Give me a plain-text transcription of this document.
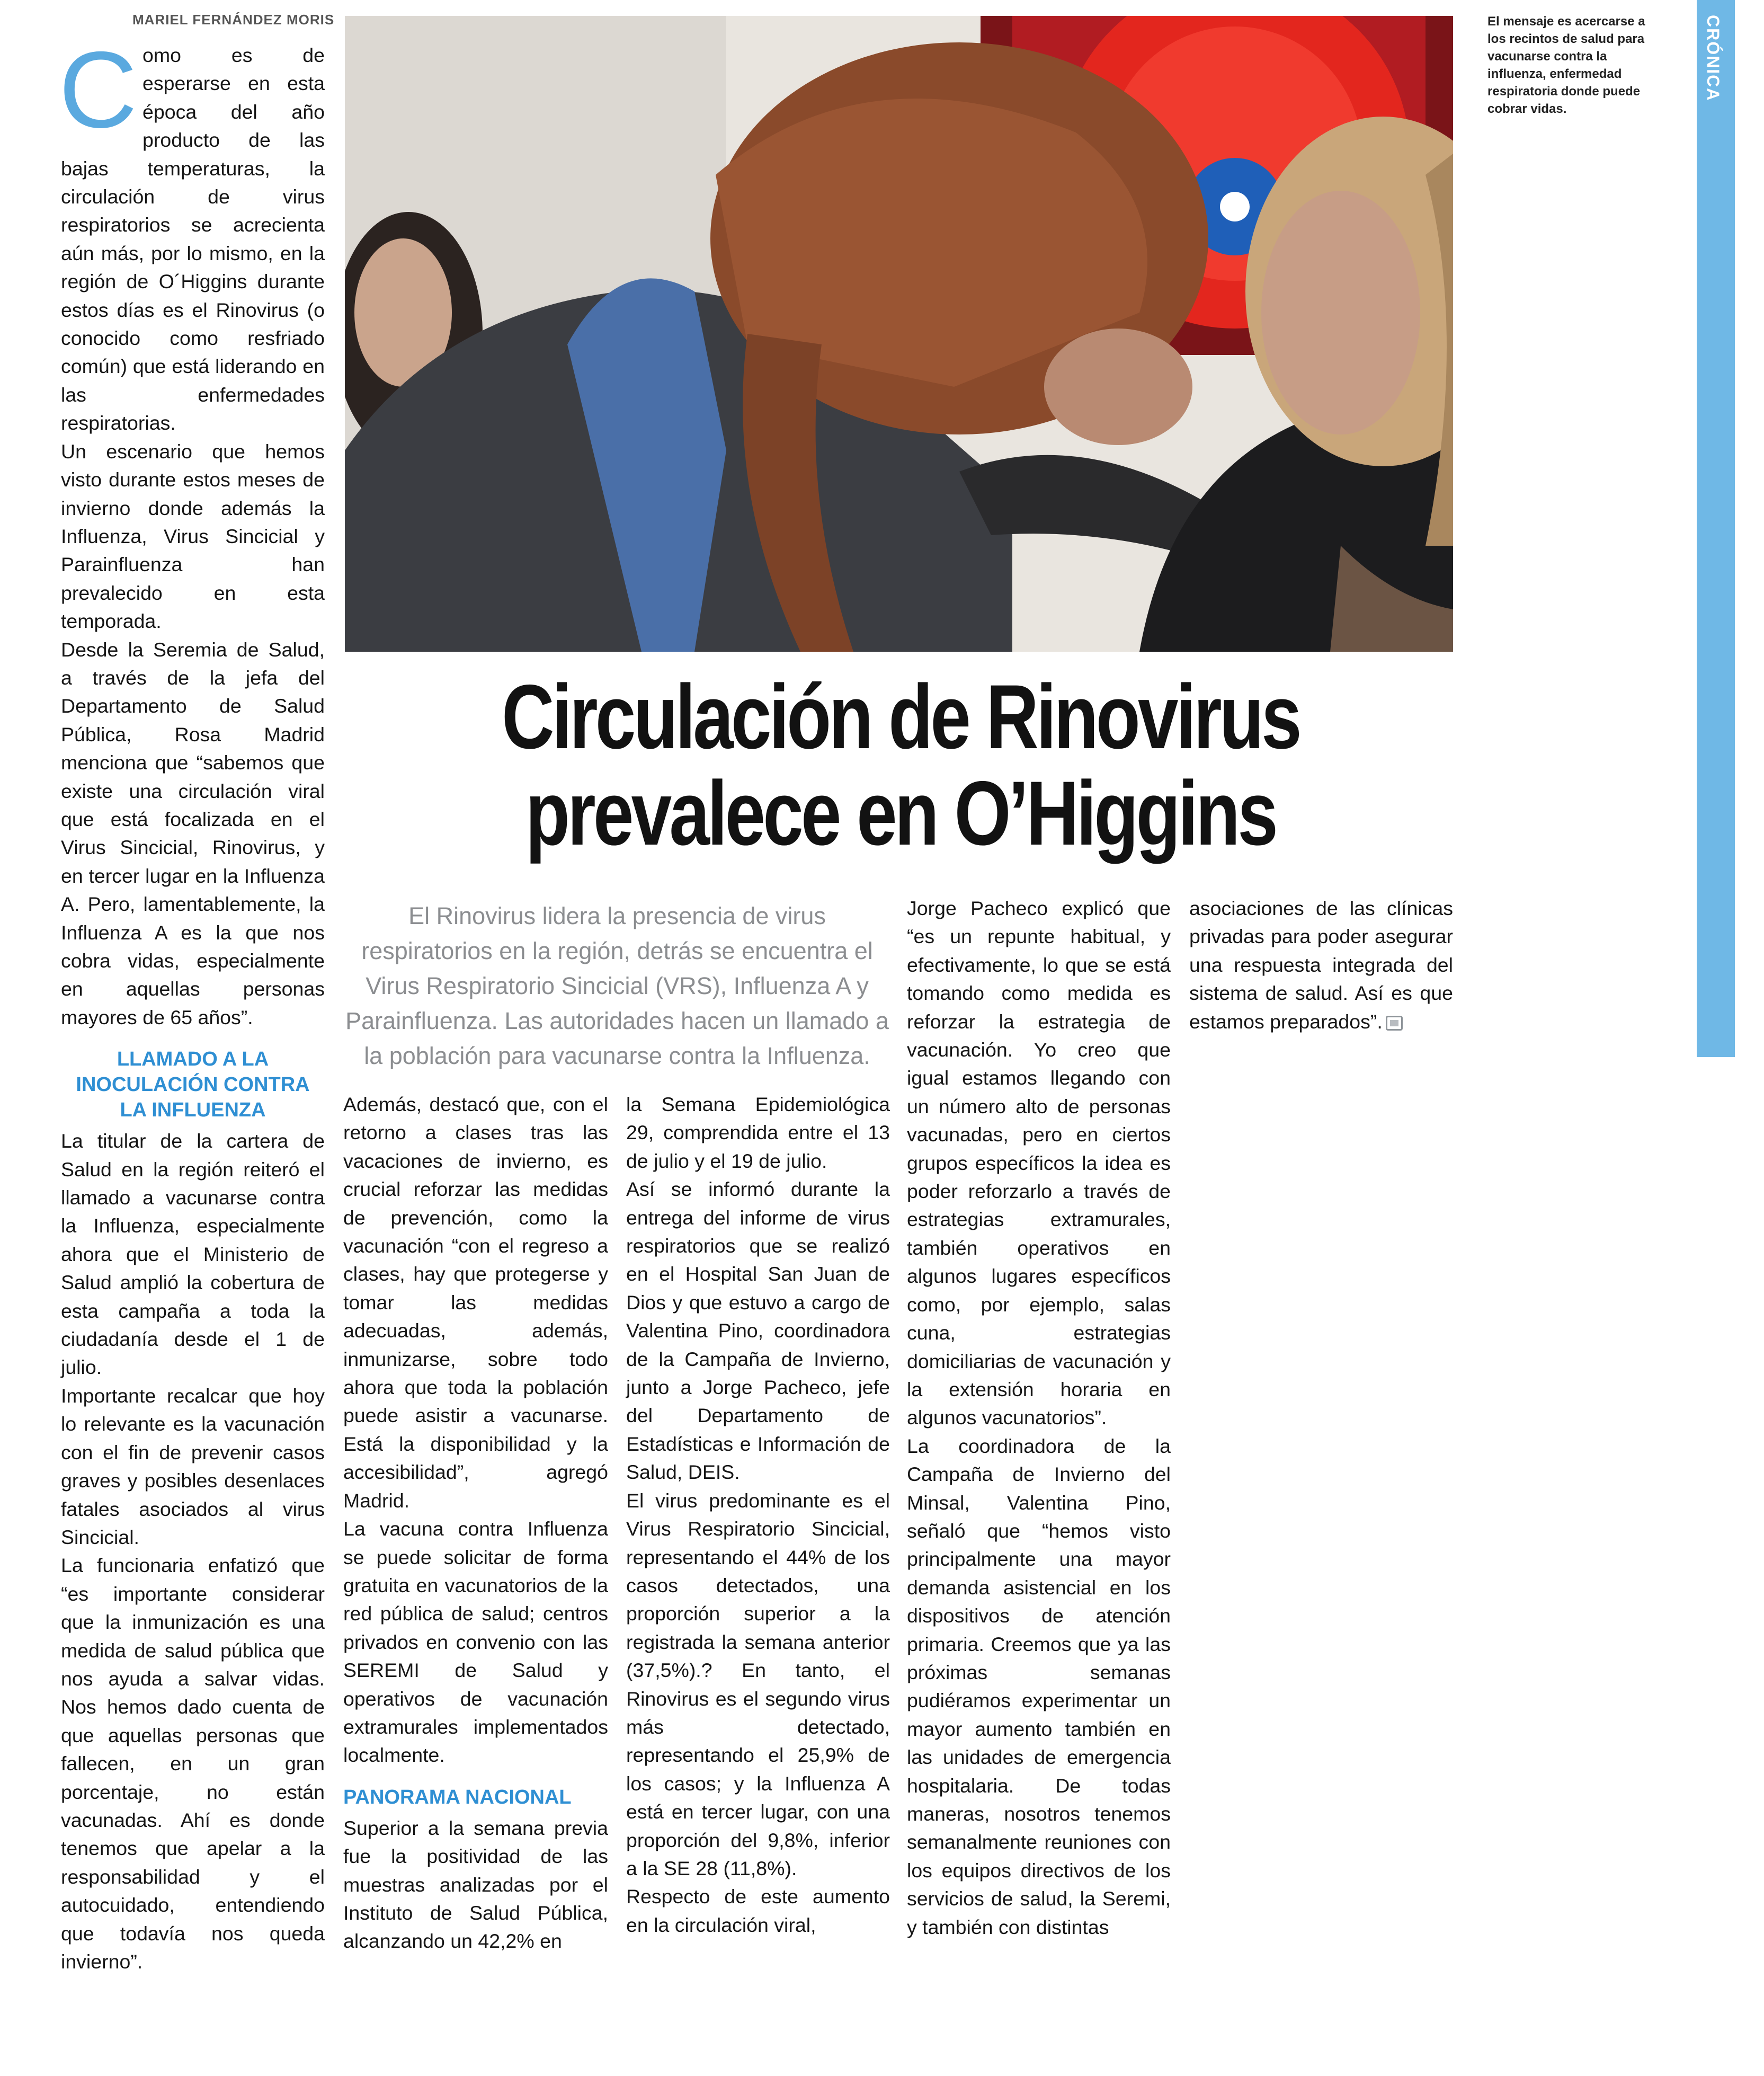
CRÓNICA
MARIEL FERNÁNDEZ MORIS

Como es de esperarse en esta época del año producto de las bajas temperaturas, la circulación de virus respiratorios se acrecienta aún más, por lo mismo, en la región de O´Higgins durante estos días es el Rinovirus (o conocido como resfriado común) que está liderando en las enfermedades respiratorias.

Un escenario que hemos visto durante estos meses de invierno donde además la Influenza, Virus Sincicial y Parainfluenza han prevalecido en esta temporada.

Desde la Seremia de Salud, a través de la jefa del Departamento de Salud Pública, Rosa Madrid menciona que “sabemos que existe una circulación viral que está focalizada en el Virus Sincicial, Rinovirus, y en tercer lugar en la Influenza A. Pero, lamentablemente, la Influenza A es la que nos cobra vidas, especialmente en aquellas personas mayores de 65 años”.

LLAMADO A LA INOCULACIÓN CONTRA LA INFLUENZA

La titular de la cartera de Salud en la región reiteró el llamado a vacunarse contra la Influenza, especialmente ahora que el Ministerio de Salud amplió la cobertura de esta campaña a toda la ciudadanía desde el 1 de julio.

Importante recalcar que hoy lo relevante es la vacunación con el fin de prevenir casos graves y posibles desenlaces fatales asociados al virus Sincicial.

La funcionaria enfatizó que “es importante considerar que la inmunización es una medida de salud pública que nos ayuda a salvar vidas. Nos hemos dado cuenta de que aquellas personas que fallecen, en un gran porcentaje, no están vacunadas. Ahí es donde tenemos que apelar a la responsabilidad y el autocuidado, entendiendo que todavía nos queda invierno”.

El mensaje es acercarse a los recintos de salud para vacunarse contra la influenza, enfermedad respiratoria donde puede cobrar vidas.
Circulación de Rinovirus prevalece en O’Higgins
El Rinovirus lidera la presencia de virus respiratorios en la región, detrás se encuentra el Virus Respiratorio Sincicial (VRS), Influenza A y Parainfluenza. Las autoridades hacen un llamado a la población para vacunarse contra la Influenza.

Además, destacó que, con el retorno a clases tras las vacaciones de invierno, es crucial reforzar las medidas de prevención, como la vacunación “con el regreso a clases, hay que protegerse y tomar las medidas adecuadas, además, inmunizarse, sobre todo ahora que toda la población puede asistir a vacunarse. Está la disponibilidad y la accesibilidad”, agregó Madrid.

La vacuna contra Influenza se puede solicitar de forma gratuita en vacunatorios de la red pública de salud; centros privados en convenio con las SEREMI de Salud y operativos de vacunación extramurales implementados localmente.

PANORAMA NACIONAL

Superior a la semana previa fue la positividad de las muestras analizadas por el Instituto de Salud Pública, alcanzando un 42,2% en

la Semana Epidemiológica 29, comprendida entre el 13 de julio y el 19 de julio.

Así se informó durante la entrega del informe de virus respiratorios que se realizó en el Hospital San Juan de Dios y que estuvo a cargo de Valentina Pino, coordinadora de la Campaña de Invierno, junto a Jorge Pacheco, jefe del Departamento de Estadísticas e Información de Salud, DEIS.

El virus predominante es el Virus Respiratorio Sincicial, representando el 44% de los casos detectados, una proporción superior a la registrada la semana anterior (37,5%).? En tanto, el Rinovirus es el segundo virus más detectado, representando el 25,9% de los casos; y la Influenza A está en tercer lugar, con una proporción del 9,8%, inferior a la SE 28 (11,8%).

Respecto de este aumento en la circulación viral,

Jorge Pacheco explicó que “es un repunte habitual, y efectivamente, lo que se está tomando como medida es reforzar la estrategia de vacunación. Yo creo que igual estamos llegando con un número alto de personas vacunadas, pero en ciertos grupos específicos la idea es poder reforzarlo a través de estrategias extramurales, también operativos en algunos lugares específicos como, por ejemplo, salas cuna, estrategias domiciliarias de vacunación y la extensión horaria en algunos vacunatorios”.

La coordinadora de la Campaña de Invierno del Minsal, Valentina Pino, señaló que “hemos visto principalmente una mayor demanda asistencial en los dispositivos de atención primaria. Creemos que ya las próximas semanas pudiéramos experimentar un mayor aumento también en las unidades de emergencia hospitalaria. De todas maneras, nosotros tenemos semanalmente reuniones con los equipos directivos de los servicios de salud, la Seremi, y también con distintas

asociaciones de las clínicas privadas para poder asegurar una respuesta integrada del sistema de salud. Así es que estamos preparados”.
